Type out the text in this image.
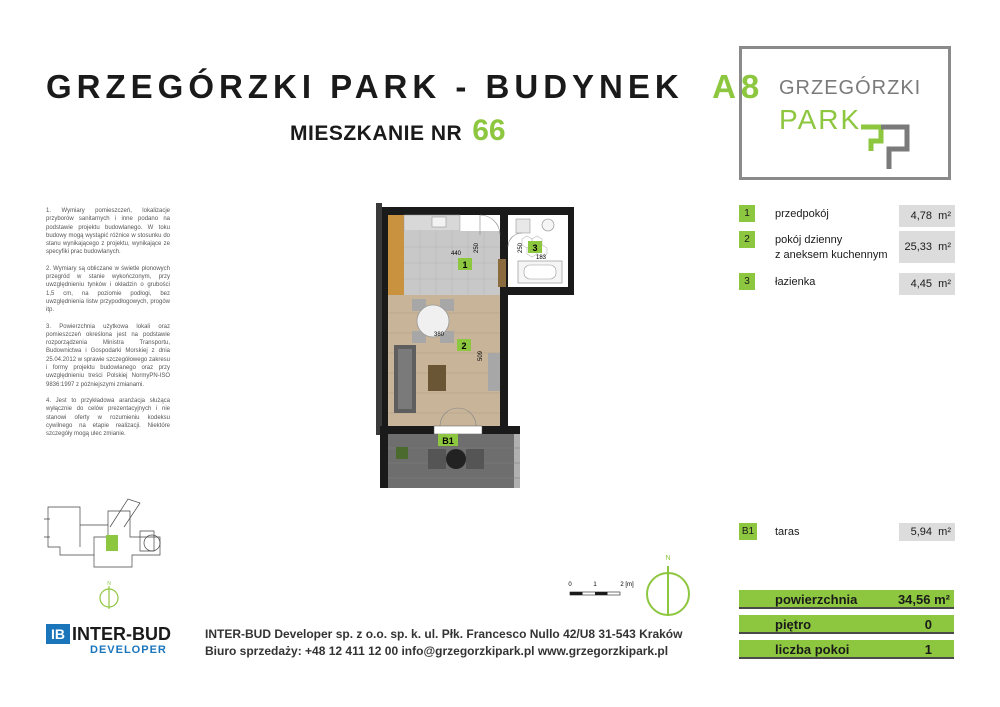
GRZEGÓRZKI PARK - BUDYNEK A8
MIESZKANIE NR 66
GRZEGÓRZKI
PARK

1. Wymiary pomieszczeń, lokalizacje przyborów sanitarnych i inne podano na podstawie projektu budowlanego. W toku budowy mogą wystąpić różnice w stosunku do stanu wynikającego z projektu, wynikające ze specyfiki prac budowlanych.

2. Wymiary są obliczane w świetle plonowych przegród w stanie wykończonym, przy uwzględnieniu tynków i okładzin o grubości 1,5 cm, na poziomie podłogi, bez uwzględnienia listw przypodłogowych, progów itp.

3. Powierzchnia użytkowa lokali oraz pomieszczeń określona jest na podstawie rozporządzenia Ministra Transportu, Budownictwa i Gospodarki Morskiej z dnia 25.04.2012 w sprawie szczegółowego zakresu i formy projektu budowlanego oraz przy uwzględnieniu treści Polskiej NormyPN-ISO 9836:1997 z późniejszymi zmianami.

4. Jest to przykładowa aranżacja służąca wyłącznie do celów prezentacyjnych i nie stanowi oferty w rozumieniu kodeksu cywilnego na etapie realizacji. Niektóre szczegóły mogą ulec zmianie.

1
2
3
B1
440
250
183
380
509
250
1	przedpokój	4,78 m²
2	pokój dzienny
z aneksem kuchennym
25,33 m²
3	łazienka	4,45 m²
B1 taras	5,94 m²
powierzchnia	34,56 m²
piętro	0
liczba pokoi	1
0	1	2 [m]
N
N
IB INTER-BUD
DEVELOPER
INTER-BUD Developer sp. z o.o. sp. k. ul. Płk. Francesco Nullo 42/U8 31-543 Kraków
Biuro sprzedaży: +48 12 411 12 00 info@grzegorzkipark.pl www.grzegorzkipark.pl
